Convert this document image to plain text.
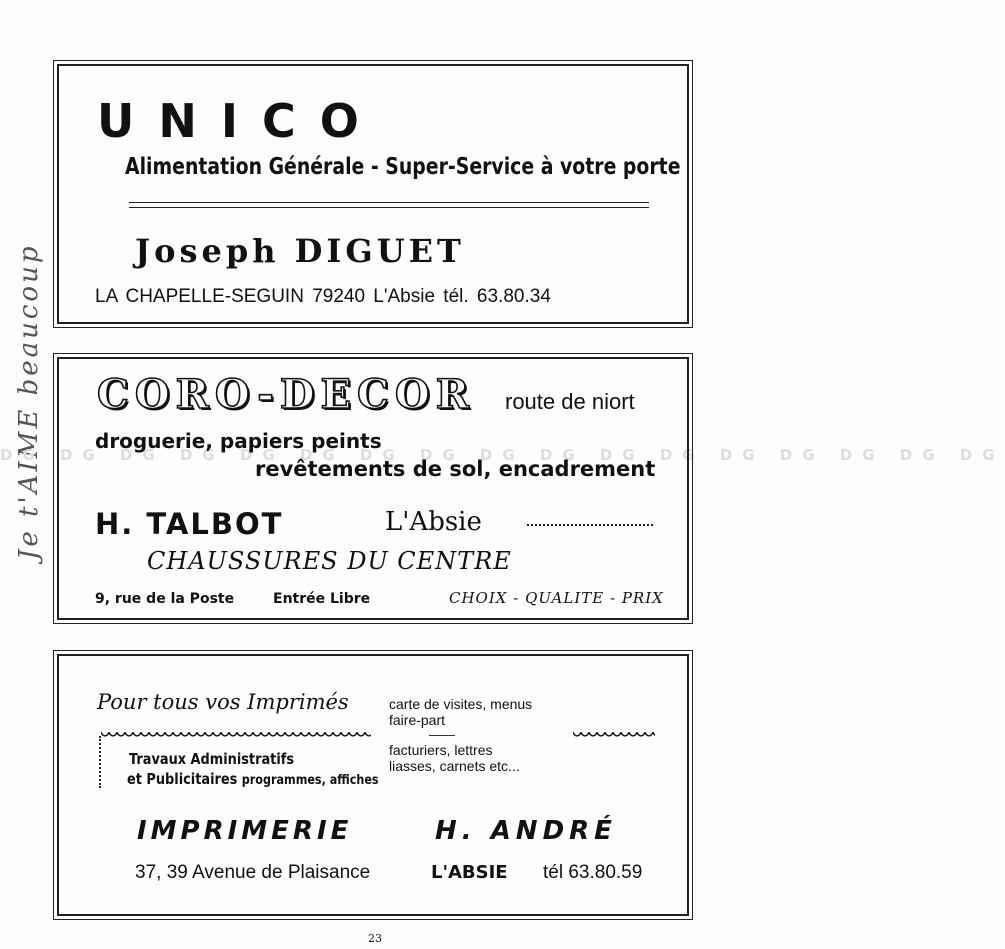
Je t'AIME beaucoup
DG DG DG DG DG DG DG DG DG DG DG DG DG DG DG DG DG
UNICO
Alimentation Générale - Super-Service à votre porte
Joseph DIGUET
LA CHAPELLE-SEGUIN 79240 L'Absie tél. 63.80.34
CORO-DECOR route de niort
droguerie, papiers peints
revêtements de sol, encadrement
H. TALBOT	L'Absie
CHAUSSURES DU CENTRE
9, rue de la Poste	Entrée Libre	CHOIX - QUALITE - PRIX
Pour tous vos Imprimés
Travaux Administratifs
et Publicitaires programmes, affiches
carte de visites, menus
faire-part
facturiers, lettres
liasses, carnets etc...
IMPRIMERIE	H. ANDRÉ
37, 39 Avenue de Plaisance	L'ABSIE tél 63.80.59
23
